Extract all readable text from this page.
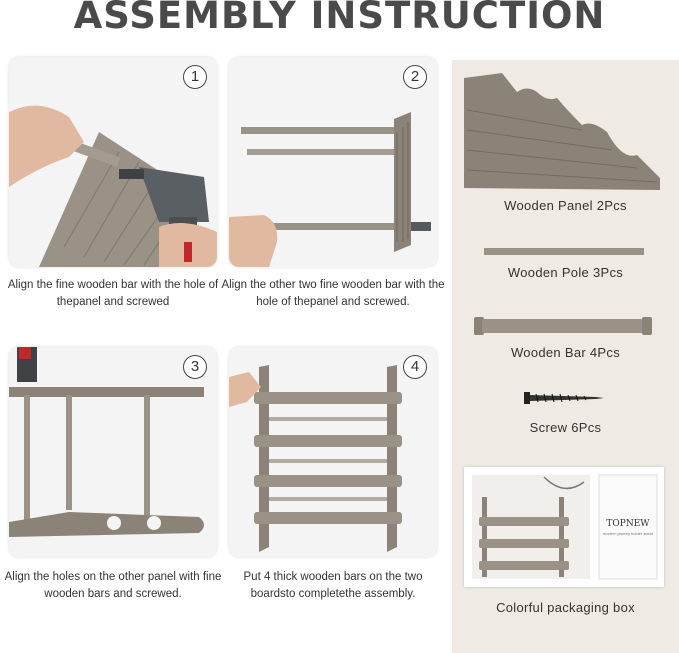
ASSEMBLY INSTRUCTION
1
Align the fine wooden bar with the hole of thepanel and screwed
2
Align the other two fine wooden bar with the hole of thepanel and screwed.
3
Align the holes on the other panel with fine wooden bars and screwed.
4
Put 4 thick wooden bars on the two boardsto completethe assembly.
Wooden Panel 2Pcs
Wooden Pole 3Pcs
Wooden Bar 4Pcs
Screw 6Pcs
TOPNEW
modern jewelry holder stand
Colorful packaging box
